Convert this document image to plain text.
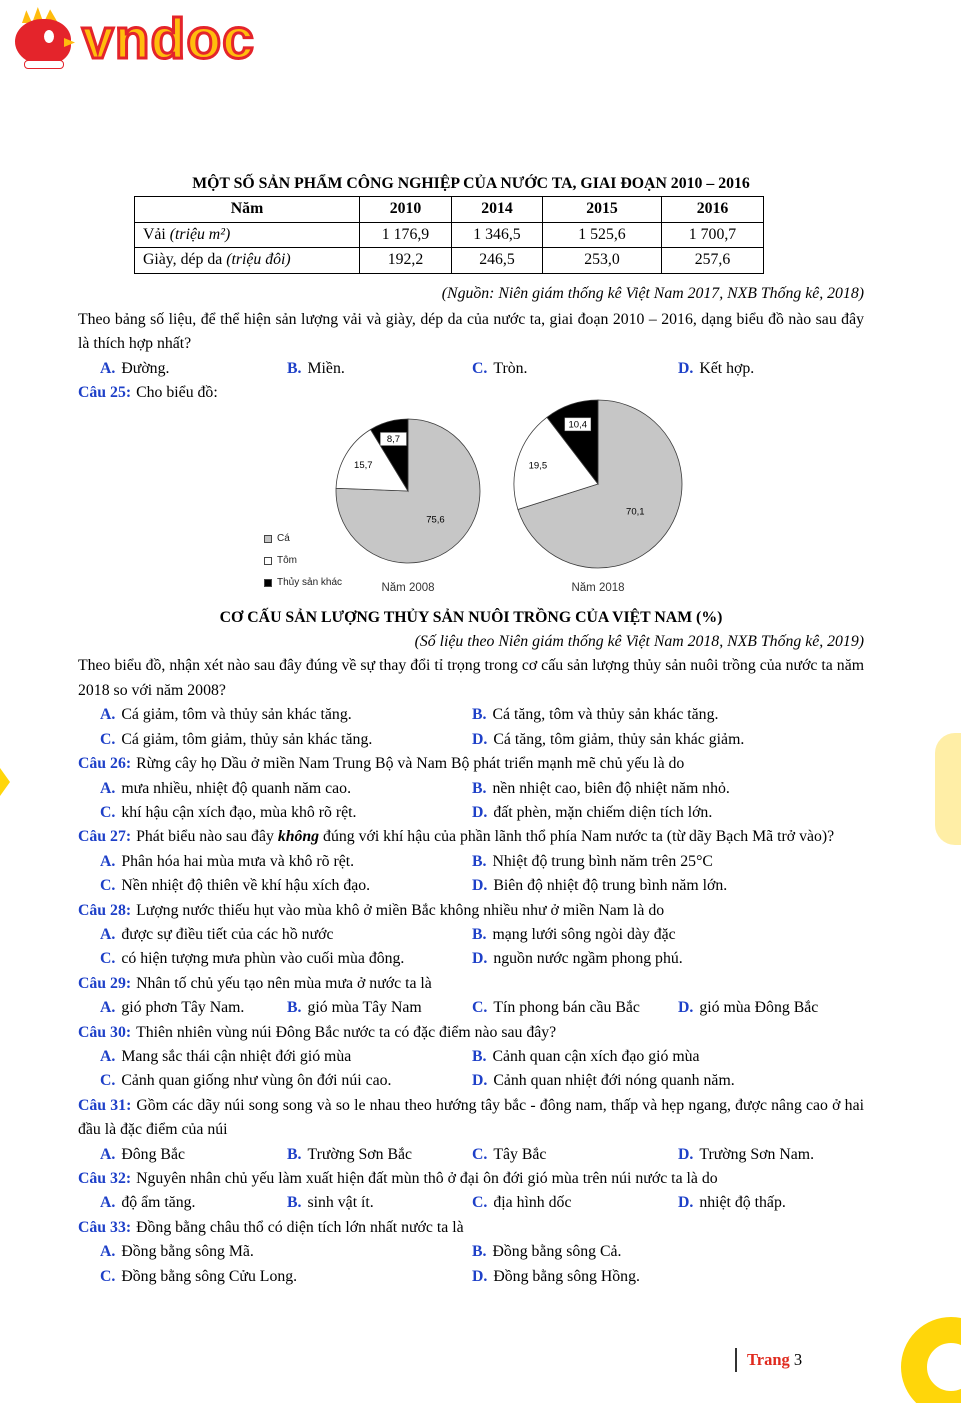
vndoc

MỘT SỐ SẢN PHẨM CÔNG NGHIỆP CỦA NƯỚC TA, GIAI ĐOẠN 2010 – 2016

Năm	2010	2014	2015	2016
Vải (triệu m²)	1 176,9	1 346,5	1 525,6	1 700,7
Giày, dép da (triệu đôi)	192,2	246,5	253,0	257,6

(Nguồn: Niên giám thống kê Việt Nam 2017, NXB Thống kê, 2018)

Theo bảng số liệu, để thể hiện sản lượng vải và giày, dép da của nước ta, giai đoạn 2010 – 2016, dạng biểu đồ nào sau đây là thích hợp nhất?

A. Đường.	B. Miền.	C. Tròn.	D. Kết hợp.

Câu 25: Cho biểu đồ:

Cá
Tôm
Thủy sản khác
75,6
15,7
8,7
70,1
19,5
10,4
Năm 2008	Năm 2018

CƠ CẤU SẢN LƯỢNG THỦY SẢN NUÔI TRỒNG CỦA VIỆT NAM (%)

(Số liệu theo Niên giám thống kê Việt Nam 2018, NXB Thống kê, 2019)

Theo biểu đồ, nhận xét nào sau đây đúng về sự thay đổi tỉ trọng trong cơ cấu sản lượng thủy sản nuôi trồng của nước ta năm 2018 so với năm 2008?

A. Cá giảm, tôm và thủy sản khác tăng.	B. Cá tăng, tôm và thủy sản khác tăng.
C. Cá giảm, tôm giảm, thủy sản khác tăng.	D. Cá tăng, tôm giảm, thủy sản khác giảm.

Câu 26: Rừng cây họ Dầu ở miền Nam Trung Bộ và Nam Bộ phát triển mạnh mẽ chủ yếu là do

A. mưa nhiều, nhiệt độ quanh năm cao.	B. nền nhiệt cao, biên độ nhiệt năm nhỏ.
C. khí hậu cận xích đạo, mùa khô rõ rệt.	D. đất phèn, mặn chiếm diện tích lớn.

Câu 27: Phát biểu nào sau đây không đúng với khí hậu của phần lãnh thổ phía Nam nước ta (từ dãy Bạch Mã trở vào)?

A. Phân hóa hai mùa mưa và khô rõ rệt.	B. Nhiệt độ trung bình năm trên 25°C
C. Nền nhiệt độ thiên về khí hậu xích đạo.	D. Biên độ nhiệt độ trung bình năm lớn.

Câu 28: Lượng nước thiếu hụt vào mùa khô ở miền Bắc không nhiều như ở miền Nam là do

A. được sự điều tiết của các hồ nước	B. mạng lưới sông ngòi dày đặc
C. có hiện tượng mưa phùn vào cuối mùa đông.	D. nguồn nước ngầm phong phú.

Câu 29: Nhân tố chủ yếu tạo nên mùa mưa ở nước ta là

A. gió phơn Tây Nam.	B. gió mùa Tây Nam	C. Tín phong bán cầu Bắc	D. gió mùa Đông Bắc

Câu 30: Thiên nhiên vùng núi Đông Bắc nước ta có đặc điểm nào sau đây?

A. Mang sắc thái cận nhiệt đới gió mùa	B. Cảnh quan cận xích đạo gió mùa
C. Cảnh quan giống như vùng ôn đới núi cao.	D. Cảnh quan nhiệt đới nóng quanh năm.

Câu 31: Gồm các dãy núi song song và so le nhau theo hướng tây bắc - đông nam, thấp và hẹp ngang, được nâng cao ở hai đầu là đặc điểm của núi

A. Đông Bắc	B. Trường Sơn Bắc	C. Tây Bắc	D. Trường Sơn Nam.

Câu 32: Nguyên nhân chủ yếu làm xuất hiện đất mùn thô ở đại ôn đới gió mùa trên núi nước ta là do

A. độ ẩm tăng.	B. sinh vật ít.	C. địa hình dốc	D. nhiệt độ thấp.

Câu 33: Đồng bằng châu thổ có diện tích lớn nhất nước ta là

A. Đồng bằng sông Mã.	B. Đồng bằng sông Cả.
C. Đồng bằng sông Cửu Long.	D. Đồng bằng sông Hồng.
Trang 3
